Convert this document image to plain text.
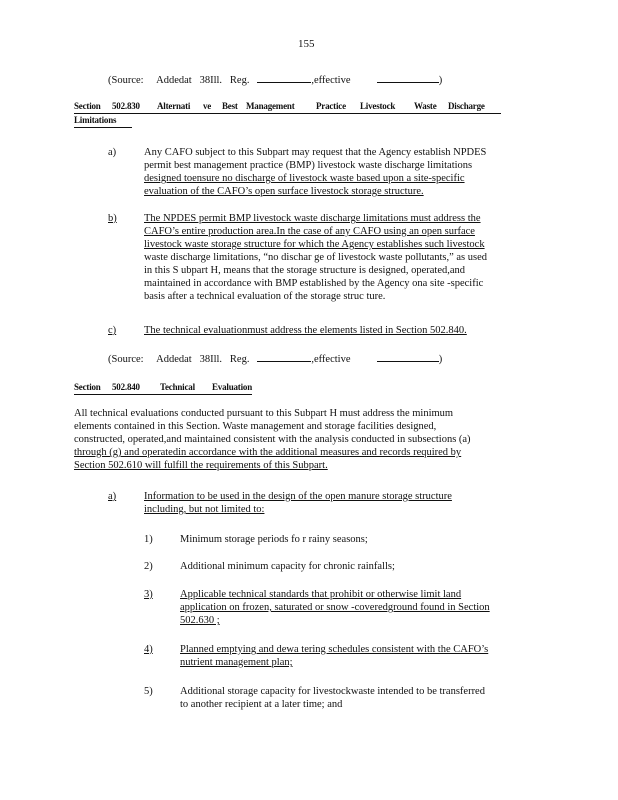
155
(Source: Addedat 38Ill. Reg.	,effective	)
Section 502.830 Alternati ve Best Management Practice Livestock Waste Discharge
Limitations
a)	Any CAFO subject to this Subpart may request that the Agency establish NPDES
permit best management practice (BMP) livestock waste discharge limitations
designed toensure no discharge of livestock waste based upon a site-specific
evaluation of the CAFO’s open surface livestock storage structure.
b)	The NPDES permit BMP livestock waste discharge limitations must address the
CAFO’s entire production area.In the case of any CAFO using an open surface
livestock waste storage structure for which the Agency establishes such livestock
waste discharge limitations, “no dischar ge of livestock waste pollutants,” as used
in this S ubpart H, means that the storage structure is designed, operated,and
maintained in accordance with BMP established by the Agency ona site -specific
basis after a technical evaluation of the storage struc ture.
c)	The technical evaluationmust address the elements listed in Section 502.840.
(Source: Addedat 38Ill. Reg.	,effective	)
Section 502.840 Technical Evaluation
All technical evaluations conducted pursuant to this Subpart H must address the minimum
elements contained in this Section. Waste management and storage facilities designed,
constructed, operated,and maintained consistent with the analysis conducted in subsections (a)
through (g) and operatedin accordance with the additional measures and records required by
Section 502.610 will fulfill the requirements of this Subpart.
a)	Information to be used in the design of the open manure storage structure
including, but not limited to:
1)	Minimum storage periods fo r rainy seasons;
2)	Additional minimum capacity for chronic rainfalls;
3)	Applicable technical standards that prohibit or otherwise limit land
application on frozen, saturated or snow -coveredground found in Section
502.630 ;
4)	Planned emptying and dewa tering schedules consistent with the CAFO’s
nutrient management plan;
5)	Additional storage capacity for livestockwaste intended to be transferred
to another recipient at a later time; and
